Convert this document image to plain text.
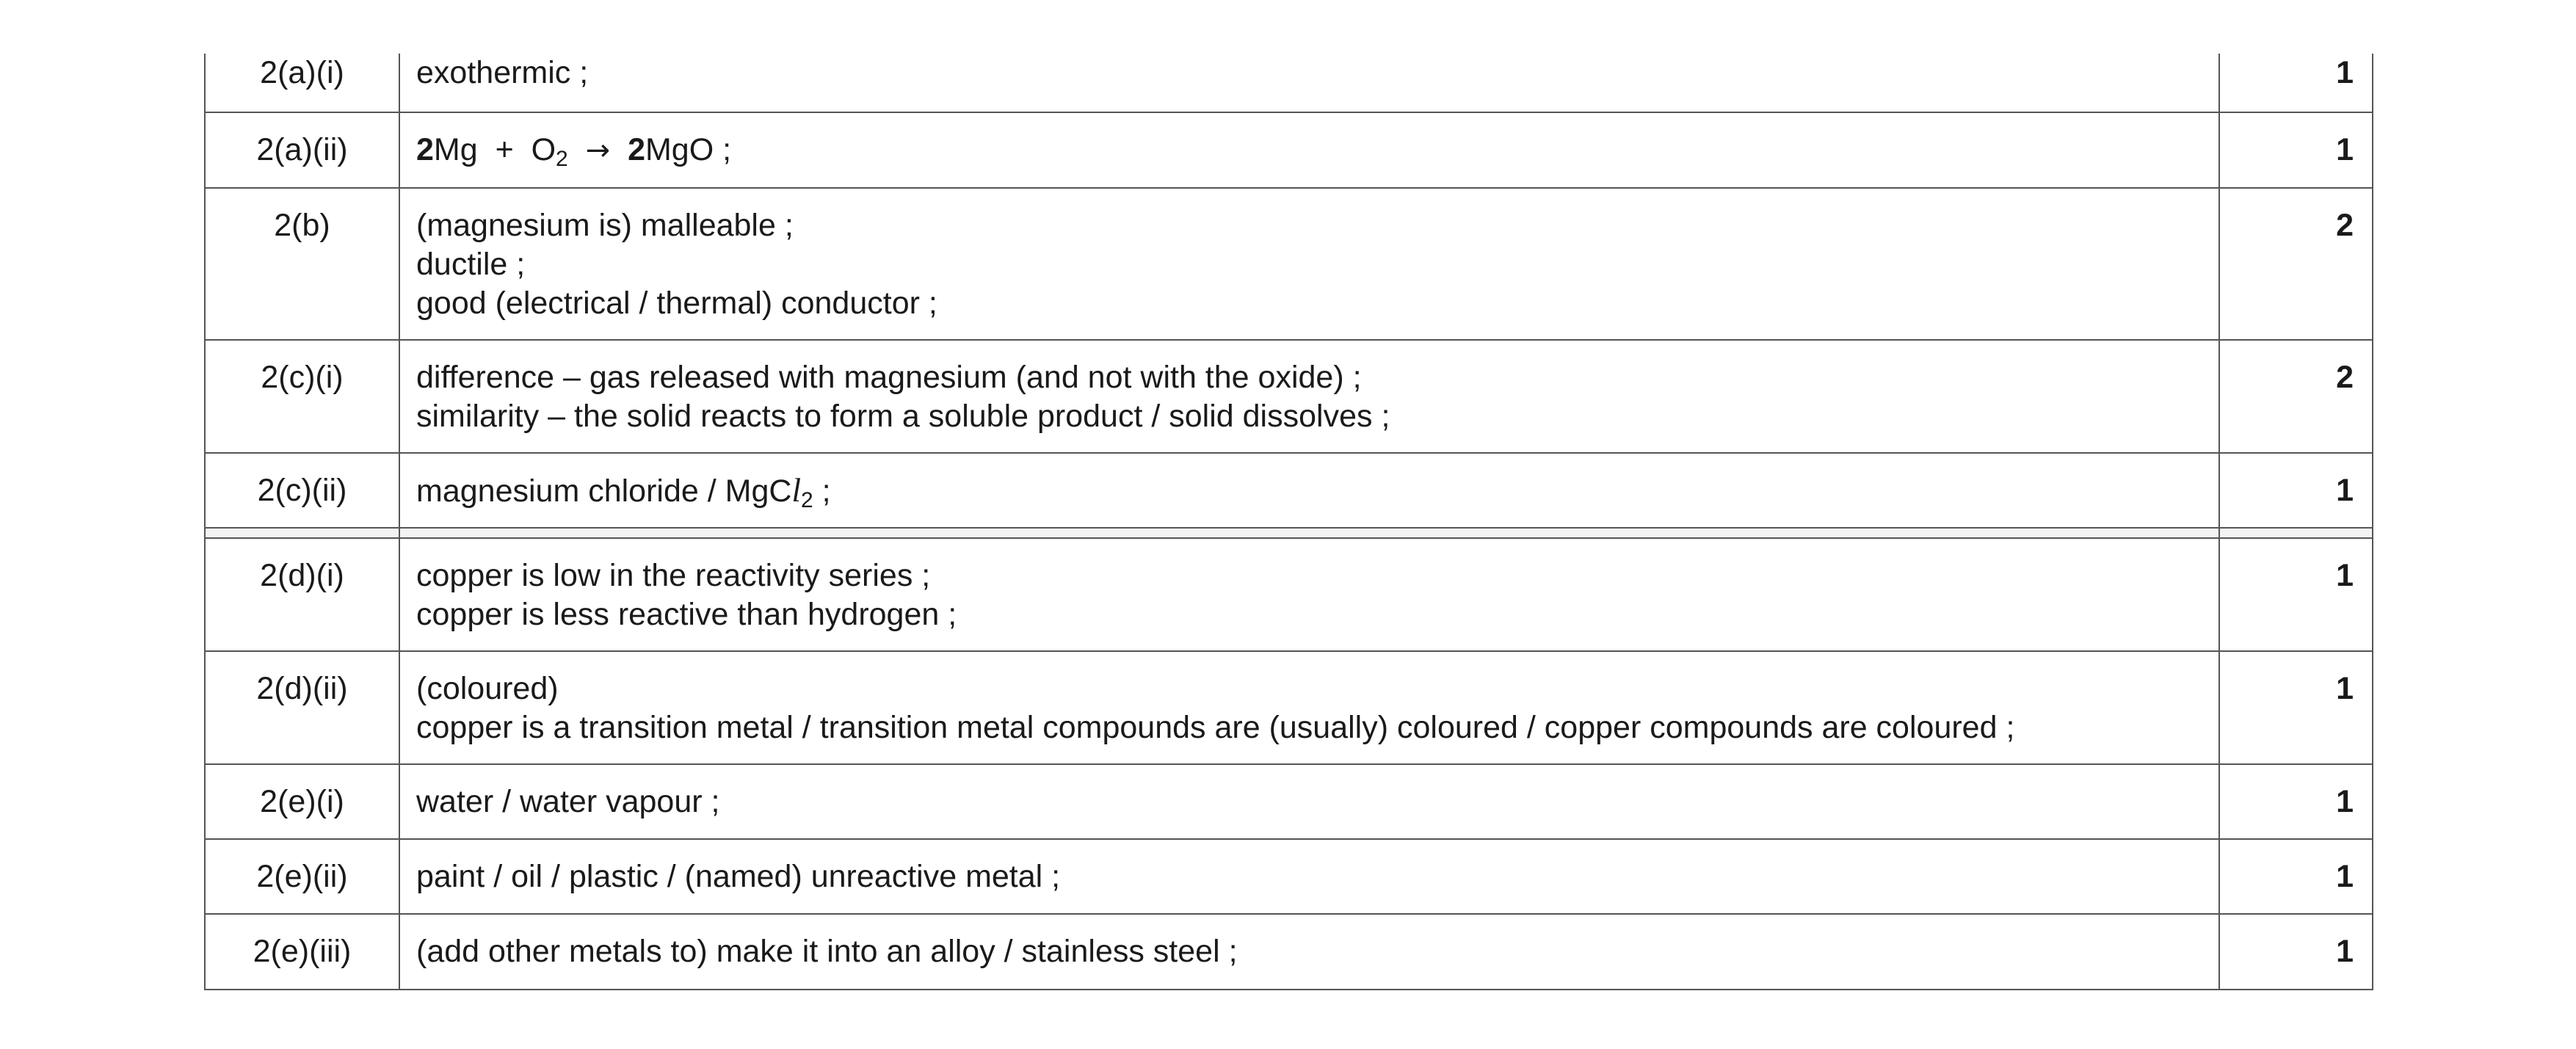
2(a)(i)	exothermic ;	1
2(a)(ii)	2Mg + O2 → 2MgO ;	1
2(b)	(magnesium is) malleable ;
ductile ;
good (electrical / thermal) conductor ;	2
2(c)(i)	difference – gas released with magnesium (and not with the oxide) ;
similarity – the solid reacts to form a soluble product / solid dissolves ;	2
2(c)(ii)	magnesium chloride / MgCl2 ;	1

2(d)(i)	copper is low in the reactivity series ;
copper is less reactive than hydrogen ;	1
2(d)(ii)	(coloured)
copper is a transition metal / transition metal compounds are (usually) coloured / copper compounds are coloured ;	1
2(e)(i)	water / water vapour ;	1
2(e)(ii)	paint / oil / plastic / (named) unreactive metal ;	1
2(e)(iii)	(add other metals to) make it into an alloy / stainless steel ;	1
